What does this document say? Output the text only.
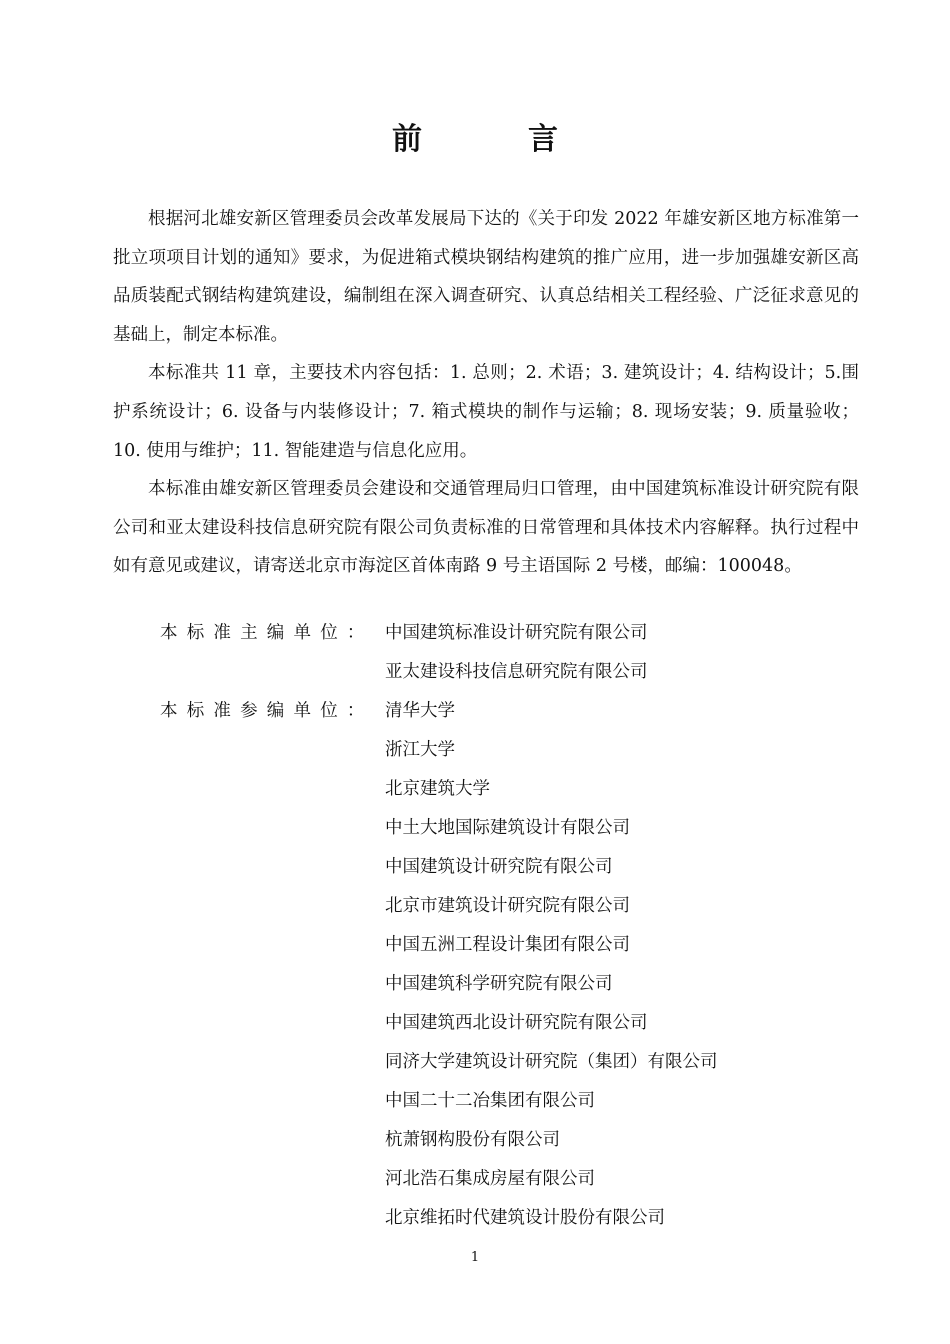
前　言

根据河北雄安新区管理委员会改革发展局下达的《关于印发 2022 年雄安新区地方标准第一批立项项目计划的通知》要求，为促进箱式模块钢结构建筑的推广应用，进一步加强雄安新区高品质装配式钢结构建筑建设，编制组在深入调查研究、认真总结相关工程经验、广泛征求意见的基础上，制定本标准。

本标准共 11 章，主要技术内容包括：1. 总则；2. 术语；3. 建筑设计；4. 结构设计；5.围护系统设计；6. 设备与内装修设计；7. 箱式模块的制作与运输；8. 现场安装；9. 质量验收；10. 使用与维护；11. 智能建造与信息化应用。

本标准由雄安新区管理委员会建设和交通管理局归口管理，由中国建筑标准设计研究院有限公司和亚太建设科技信息研究院有限公司负责标准的日常管理和具体技术内容解释。执行过程中如有意见或建议，请寄送北京市海淀区首体南路 9 号主语国际 2 号楼，邮编：100048。

本标准主编单位： 中国建筑标准设计研究院有限公司
亚太建设科技信息研究院有限公司
本标准参编单位： 清华大学
浙江大学
北京建筑大学
中土大地国际建筑设计有限公司
中国建筑设计研究院有限公司
北京市建筑设计研究院有限公司
中国五洲工程设计集团有限公司
中国建筑科学研究院有限公司
中国建筑西北设计研究院有限公司
同济大学建筑设计研究院（集团）有限公司
中国二十二冶集团有限公司
杭萧钢构股份有限公司
河北浩石集成房屋有限公司
北京维拓时代建筑设计股份有限公司
1
